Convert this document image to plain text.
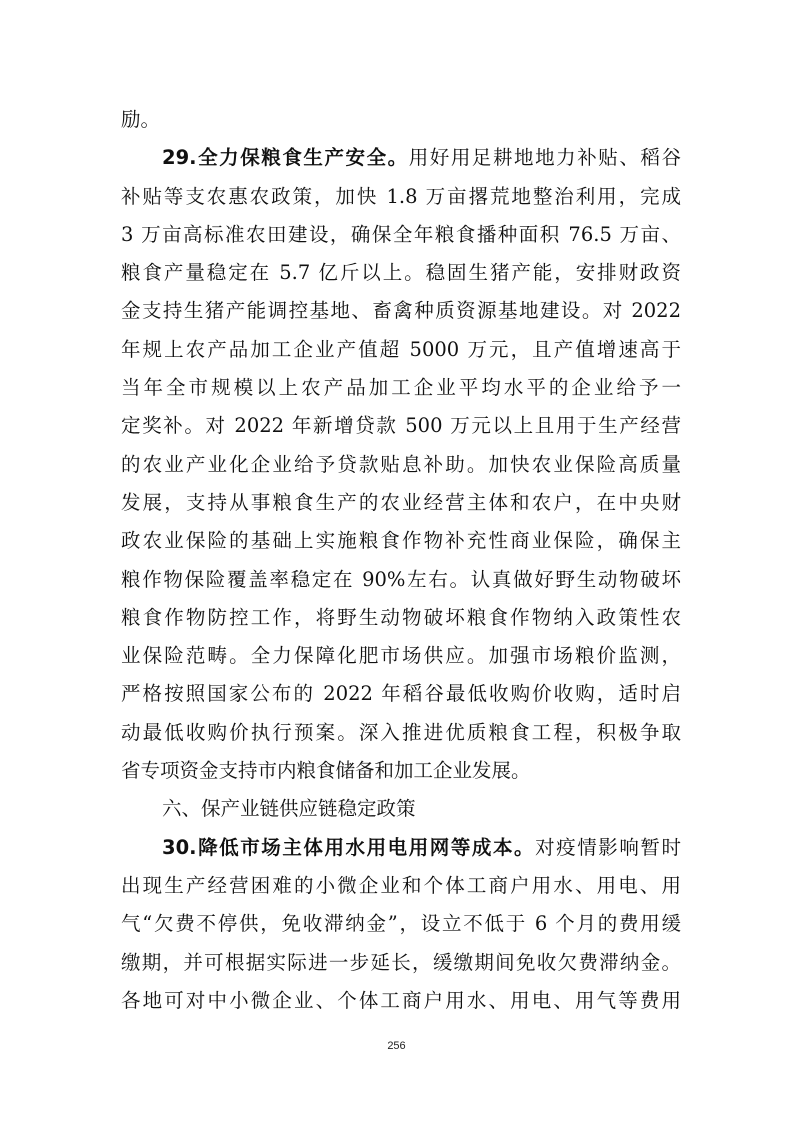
励。
29.全力保粮食生产安全。用好用足耕地地力补贴、稻谷
补贴等支农惠农政策，加快 1.8 万亩撂荒地整治利用，完成
3 万亩高标准农田建设，确保全年粮食播种面积 76.5 万亩、
粮食产量稳定在 5.7 亿斤以上。稳固生猪产能，安排财政资
金支持生猪产能调控基地、畜禽种质资源基地建设。对 2022
年规上农产品加工企业产值超 5000 万元，且产值增速高于
当年全市规模以上农产品加工企业平均水平的企业给予一
定奖补。对 2022 年新增贷款 500 万元以上且用于生产经营
的农业产业化企业给予贷款贴息补助。加快农业保险高质量
发展，支持从事粮食生产的农业经营主体和农户，在中央财
政农业保险的基础上实施粮食作物补充性商业保险，确保主
粮作物保险覆盖率稳定在 90%左右。认真做好野生动物破坏
粮食作物防控工作，将野生动物破坏粮食作物纳入政策性农
业保险范畴。全力保障化肥市场供应。加强市场粮价监测，
严格按照国家公布的 2022 年稻谷最低收购价收购，适时启
动最低收购价执行预案。深入推进优质粮食工程，积极争取
省专项资金支持市内粮食储备和加工企业发展。
六、保产业链供应链稳定政策
30.降低市场主体用水用电用网等成本。对疫情影响暂时
出现生产经营困难的小微企业和个体工商户用水、用电、用
气“欠费不停供，免收滞纳金”，设立不低于 6 个月的费用缓
缴期，并可根据实际进一步延长，缓缴期间免收欠费滞纳金。
各地可对中小微企业、个体工商户用水、用电、用气等费用
256
